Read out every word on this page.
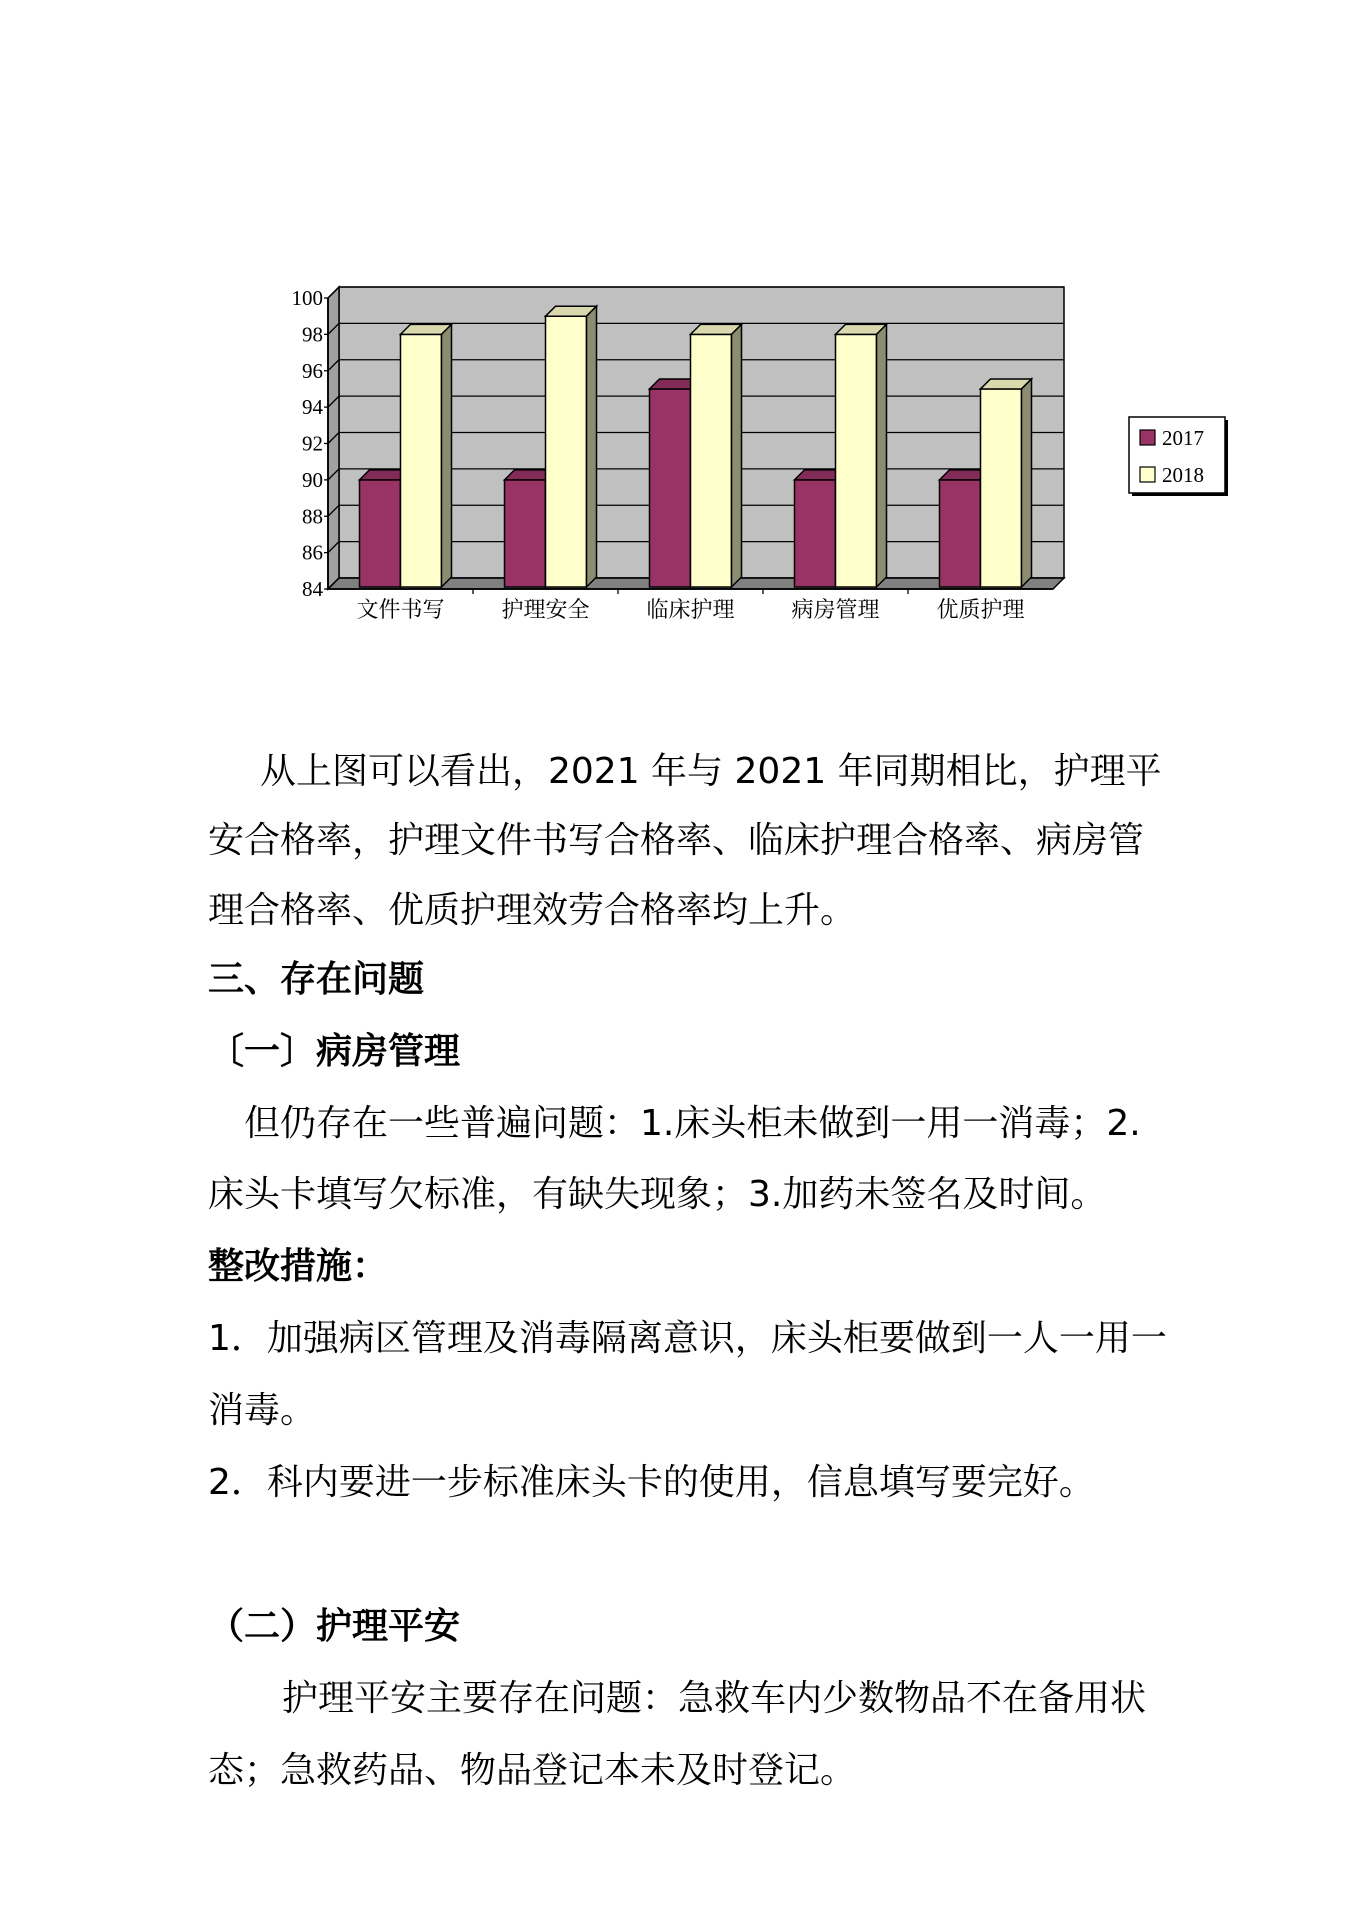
100
98
96
94
92
90
88
86
84
文件书写	护理安全	临床护理	病房管理	优质护理
2017
2018
从上图可以看出，2021 年与 2021 年同期相比，护理平
安合格率，护理文件书写合格率、临床护理合格率、病房管
理合格率、优质护理效劳合格率均上升。
三、存在问题
〔一〕病房管理
但仍存在一些普遍问题：1.床头柜未做到一用一消毒；2.
床头卡填写欠标准，有缺失现象；3.加药未签名及时间。
整改措施：
1．加强病区管理及消毒隔离意识，床头柜要做到一人一用一
消毒。
2．科内要进一步标准床头卡的使用，信息填写要完好。
（二）护理平安
护理平安主要存在问题：急救车内少数物品不在备用状
态；急救药品、物品登记本未及时登记。
